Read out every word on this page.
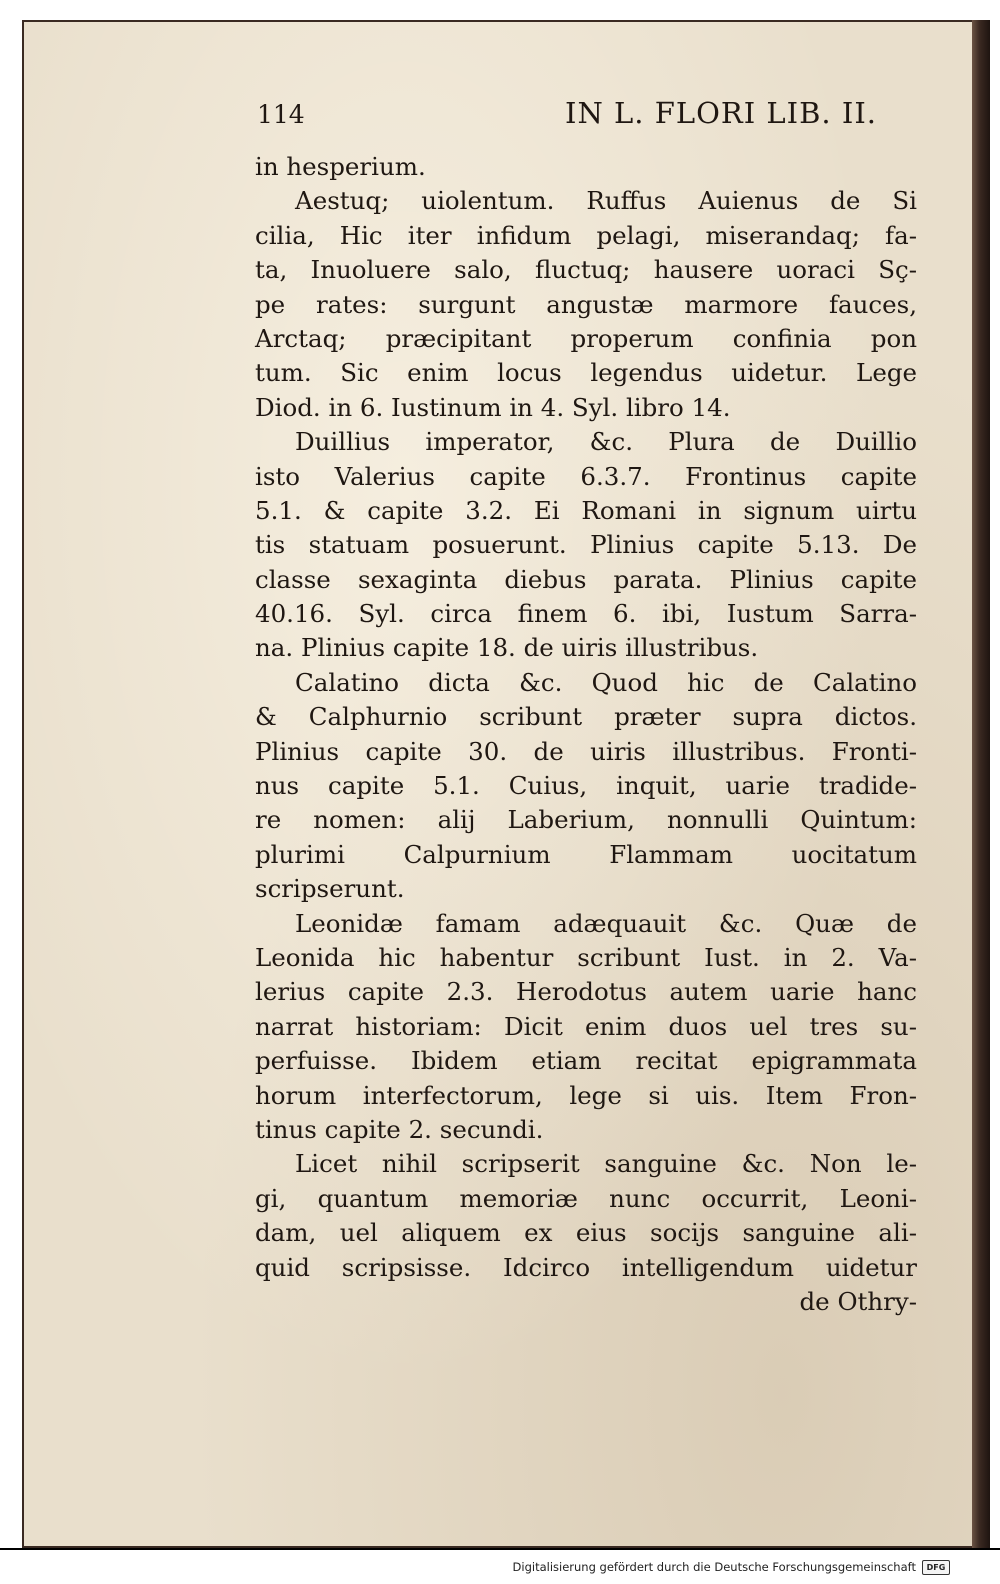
114	IN L. FLORI LIB. II.
in hesperium.
Aestuq; uiolentum. Ruffus Auienus de Si
cilia, Hic iter infidum pelagi, miserandaq; fa-
ta, Inuoluere salo, fluctuq; hausere uoraci Sç-
pe rates: surgunt angustæ marmore fauces,
Arctaq; præcipitant properum confinia pon
tum. Sic enim locus legendus uidetur. Lege
Diod. in 6. Iustinum in 4. Syl. libro 14.
Duillius imperator, &c. Plura de Duillio
isto Valerius capite 6.3.7. Frontinus capite
5.1. & capite 3.2. Ei Romani in signum uirtu
tis statuam posuerunt. Plinius capite 5.13. De
classe sexaginta diebus parata. Plinius capite
40.16. Syl. circa finem 6. ibi, Iustum Sarra-
na. Plinius capite 18. de uiris illustribus.
Calatino dicta &c. Quod hic de Calatino
& Calphurnio scribunt præter supra dictos.
Plinius capite 30. de uiris illustribus. Fronti-
nus capite 5.1. Cuius, inquit, uarie tradide-
re nomen: alij Laberium, nonnulli Quintum:
plurimi Calpurnium Flammam uocitatum
scripserunt.
Leonidæ famam adæquauit &c. Quæ de
Leonida hic habentur scribunt Iust. in 2. Va-
lerius capite 2.3. Herodotus autem uarie hanc
narrat historiam: Dicit enim duos uel tres su-
perfuisse. Ibidem etiam recitat epigrammata
horum interfectorum, lege si uis. Item Fron-
tinus capite 2. secundi.
Licet nihil scripserit sanguine &c. Non le-
gi, quantum memoriæ nunc occurrit, Leoni-
dam, uel aliquem ex eius socijs sanguine ali-
quid scripsisse. Idcirco intelligendum uidetur
de Othry-
Digitalisierung gefördert durch die Deutsche Forschungsgemeinschaft	DFG
